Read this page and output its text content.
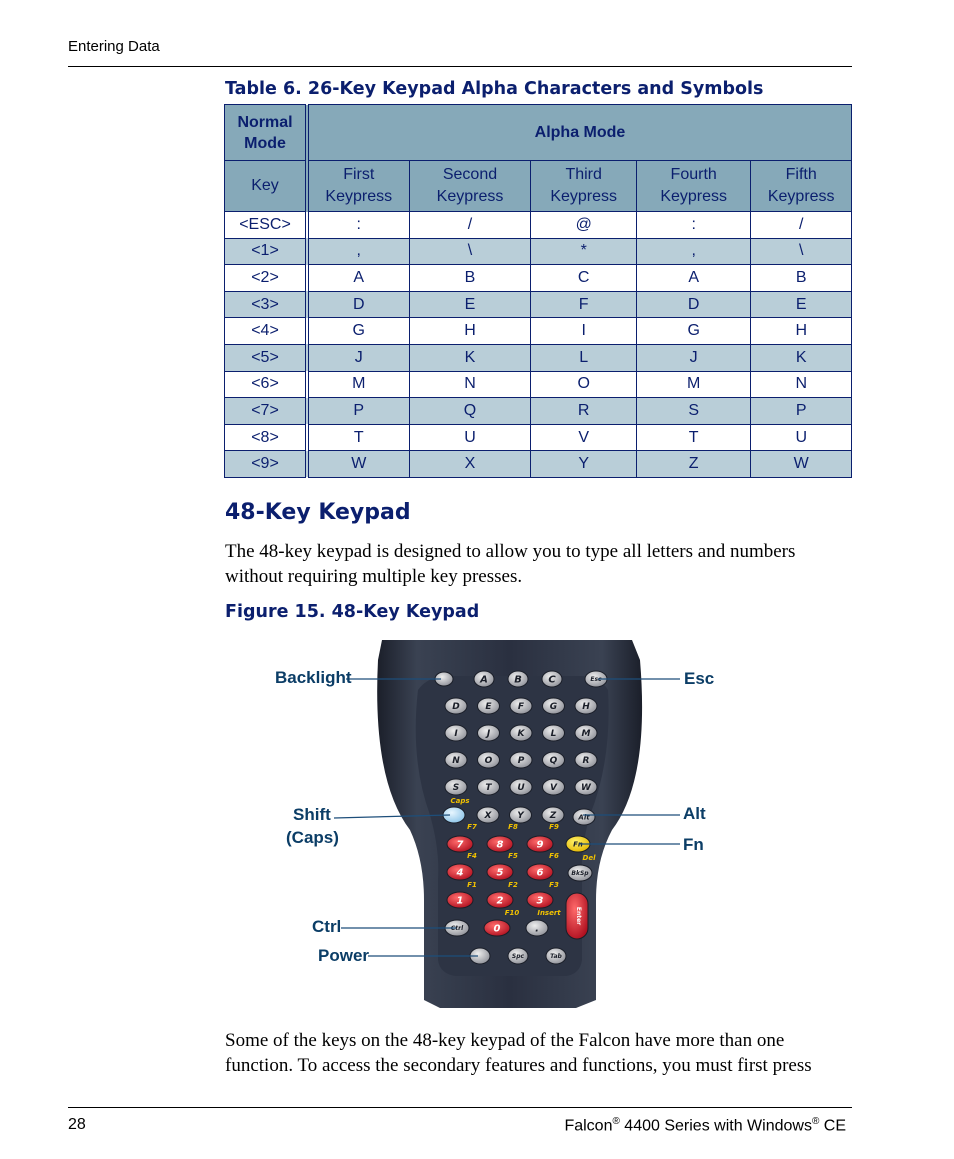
Entering Data
Table 6. 26-Key Keypad Alpha Characters and Symbols
Normal Mode	Alpha Mode				
Key	First Keypress	Second Keypress	Third Keypress	Fourth Keypress	Fifth Keypress
<ESC>	:	/	@	:	/
<1>	,	\	*	,	\
<2>	A	B	C	A	B
<3>	D	E	F	D	E
<4>	G	H	I	G	H
<5>	J	K	L	J	K
<6>	M	N	O	M	N
<7>	P	Q	R	S	P
<8>	T	U	V	T	U
<9>	W	X	Y	Z	W
48-Key Keypad
The 48-key keypad is designed to allow you to type all letters and numbers without requiring multiple key presses.
Figure 15. 48-Key Keypad
A	B	C	Esc
D	E	F	G	H
I	J	K	L	M
N	O	P	Q	R
S	T	U	V	W
X	Y	Z	Alt
Fn
Caps
Del
7	8	9
4	5	6
1	2	3
BkSp
Enter
Insert
Ctrl	0	.
Spc	Tab
F7	F8	F9
F4	F5	F6
F1	F2	F3
F10
Backlight	Esc
Shift
(Caps)
Alt
Fn
Ctrl
Power
Some of the keys on the 48-key keypad of the Falcon have more than one function. To access the secondary features and functions, you must first press
28	Falcon® 4400 Series with Windows® CE
